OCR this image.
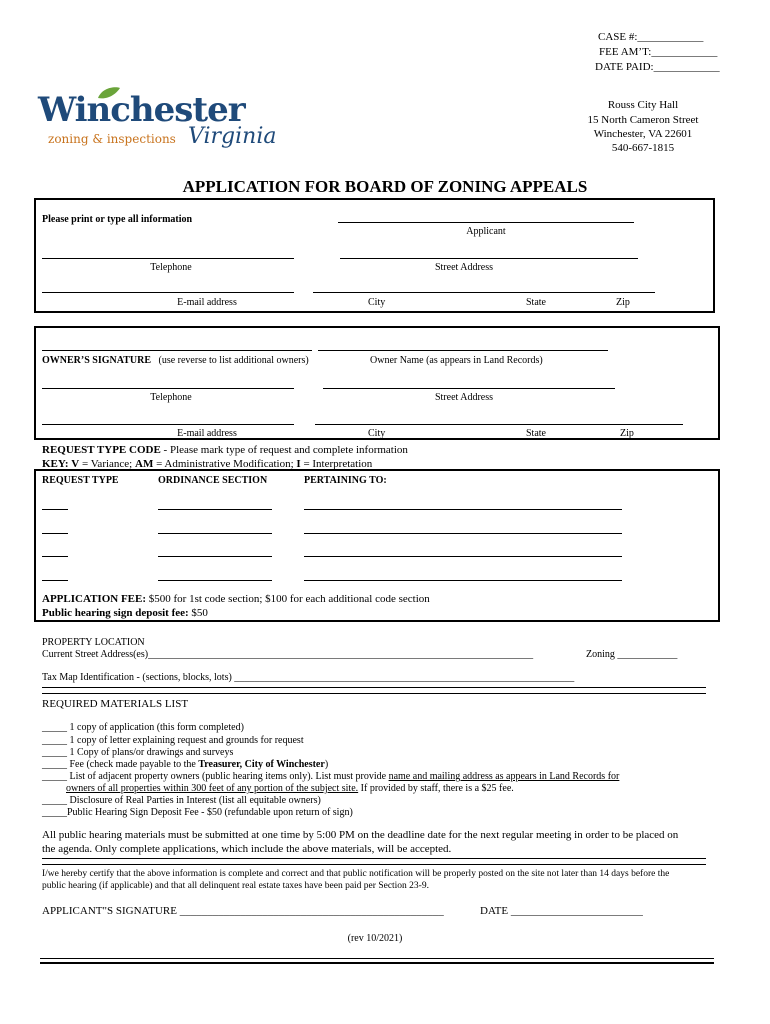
CASE #:____________
FEE AM’T:____________
DATE PAID:____________
Winchester
zoning & inspections Virginia
Rouss City Hall
15 North Cameron Street
Winchester, VA 22601
540-667-1815
APPLICATION FOR BOARD OF ZONING APPEALS
Please print or type all information
Applicant
Telephone	Street Address
E-mail address	City	State	Zip
OWNER’S SIGNATURE (use reverse to list additional owners)	Owner Name (as appears in Land Records)
Telephone	Street Address
E-mail address	City	State	Zip
REQUEST TYPE CODE - Please mark type of request and complete information
KEY: V = Variance; AM = Administrative Modification; I = Interpretation
REQUEST TYPE	ORDINANCE SECTION	PERTAINING TO:
APPLICATION FEE: $500 for 1st code section; $100 for each additional code section
Public hearing sign deposit fee: $50
PROPERTY LOCATION
Current Street Address(es)_____________________________________________________________________________	Zoning ____________
Tax Map Identification - (sections, blocks, lots) ____________________________________________________________________
REQUIRED MATERIALS LIST
_____ 1 copy of application (this form completed)
_____ 1 copy of letter explaining request and grounds for request
_____ 1 Copy of plans/or drawings and surveys
_____ Fee (check made payable to the Treasurer, City of Winchester)
_____ List of adjacent property owners (public hearing items only). List must provide name and mailing address as appears in Land Records for
owners of all properties within 300 feet of any portion of the subject site. If provided by staff, there is a $25 fee.
_____ Disclosure of Real Parties in Interest (list all equitable owners)
_____Public Hearing Sign Deposit Fee - $50 (refundable upon return of sign)
All public hearing materials must be submitted at one time by 5:00 PM on the deadline date for the next regular meeting in order to be placed on
the agenda. Only complete applications, which include the above materials, will be accepted.
I/we hereby certify that the above information is complete and correct and that public notification will be properly posted on the site not later than 14 days before the
public hearing (if applicable) and that all delinquent real estate taxes have been paid per Section 23-9.
APPLICANT"S SIGNATURE ________________________________________________	DATE ________________________
(rev 10/2021)
